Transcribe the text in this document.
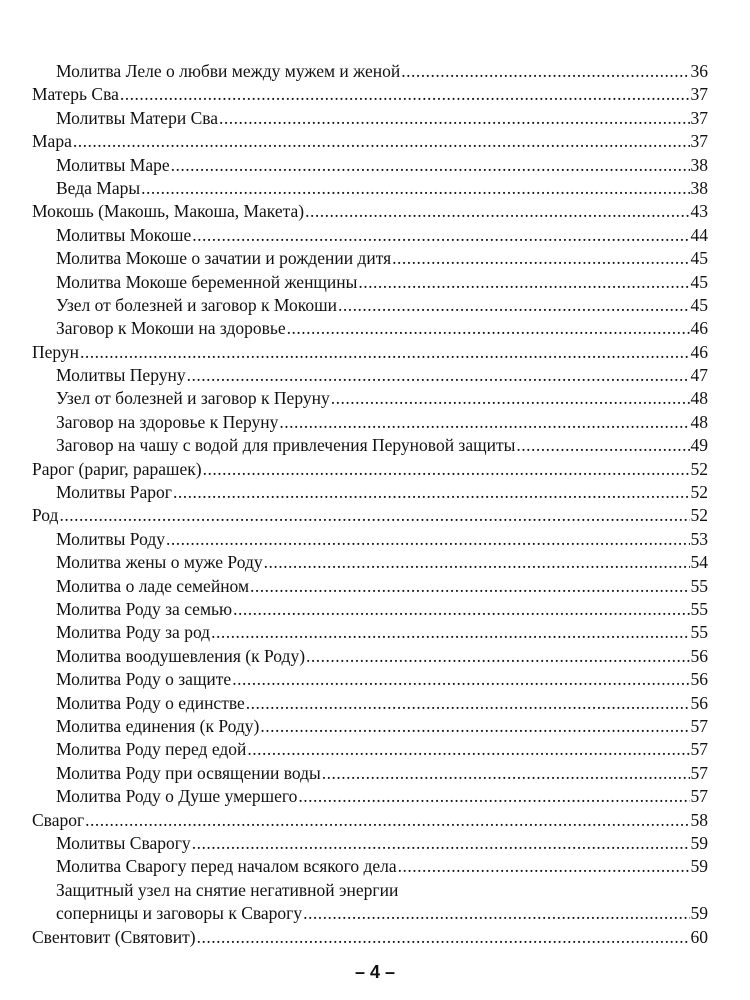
Молитва Леле о любви между мужем и женой .....	36
Матерь Сва .....	37
Молитвы Матери Сва .....	37
Мара .....	37
Молитвы Маре .....	38
Веда Мары .....	38
Мокошь (Макошь, Макоша, Макета) .....	43
Молитвы Мокоше .....	44
Молитва Мокоше о зачатии и рождении дитя .....	45
Молитва Мокоше беременной женщины .....	45
Узел от болезней и заговор к Мокоши .....	45
Заговор к Мокоши на здоровье .....	46
Перун .....	46
Молитвы Перуну .....	47
Узел от болезней и заговор к Перуну .....	48
Заговор на здоровье к Перуну .....	48
Заговор на чашу с водой для привлечения Перуновой защиты .....	49
Рарог (рариг, рарашек) .....	52
Молитвы Рарог .....	52
Род .....	52
Молитвы Роду .....	53
Молитва жены о муже Роду .....	54
Молитва о ладе семейном .....	55
Молитва Роду за семью .....	55
Молитва Роду за род .....	55
Молитва воодушевления (к Роду) .....	56
Молитва Роду о защите .....	56
Молитва Роду о единстве .....	56
Молитва единения (к Роду) .....	57
Молитва Роду перед едой .....	57
Молитва Роду при освящении воды .....	57
Молитва Роду о Душе умершего .....	57
Сварог .....	58
Молитвы Сварогу .....	59
Молитва Сварогу перед началом всякого дела .....	59
Защитный узел на снятие негативной энергии
соперницы и заговоры к Сварогу .....	59
Свентовит (Святовит) .....	60
– 4 –
